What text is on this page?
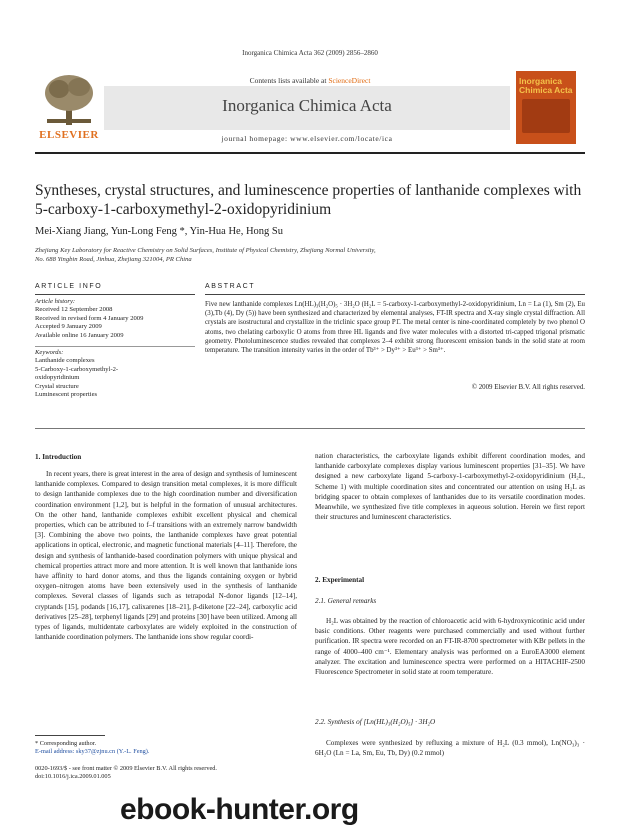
Inorganica Chimica Acta 362 (2009) 2856–2860
ELSEVIER
Contents lists available at ScienceDirect
Inorganica Chimica Acta
journal homepage: www.elsevier.com/locate/ica
Inorganica Chimica Acta
Syntheses, crystal structures, and luminescence properties of lanthanide complexes with 5-carboxy-1-carboxymethyl-2-oxidopyridinium
Mei-Xiang Jiang, Yun-Long Feng *, Yin-Hua He, Hong Su
Zhejiang Key Laboratory for Reactive Chemistry on Solid Surfaces, Institute of Physical Chemistry, Zhejiang Normal University,
No. 688 Yingbin Road, Jinhua, Zhejiang 321004, PR China
ARTICLE INFO
Article history:
Received 12 September 2008
Received in revised form 4 January 2009
Accepted 9 January 2009
Available online 16 January 2009
Keywords:
Lanthanide complexes
5-Carboxy-1-carboxymethyl-2-
oxidopyridinium
Crystal structure
Luminescent properties
ABSTRACT
Five new lanthanide complexes Ln(HL)₃(H₂O)₅ · 3H₂O (H₂L = 5-carboxy-1-carboxymethyl-2-oxidopyridinium, Ln = La (1), Sm (2), Eu (3),Tb (4), Dy (5)) have been synthesized and characterized by elemental analyses, FT-IR spectra and X-ray single crystal diffraction. All crystals are isostructural and crystallize in the triclinic space group P1̄. The metal center is nine-coordinated completely by two phenol O atoms, two chelating carboxylic O atoms from three HL ligands and five water molecules with a distorted tri-capped trigonal prismatic geometry. Photoluminescence studies revealed that complexes 2–4 exhibit strong fluorescent emission bands in the solid state at room temperature. The transition intensity varies in the order of Tb³⁺ > Dy³⁺ > Eu³⁺ > Sm³⁺.
© 2009 Elsevier B.V. All rights reserved.
1. Introduction

In recent years, there is great interest in the area of design and synthesis of luminescent lanthanide complexes. Compared to design transition metal complexes, it is more difficult to design lanthanide complexes due to the high coordination number and diversification coordination environment [1,2], but is helpful in the formation of unusual architectures. On the other hand, lanthanide complexes exhibit excellent physical and chemical properties, which can be attributed to f–f transitions with an extremely narrow bandwidth [3]. Combining the above two points, the lanthanide complexes have great potential applications in optical, electronic, and magnetic functional materials [4–11]. Therefore, the design and synthesis of lanthanide-based coordination polymers with unique physical and chemical properties attract more and more attention. It is well known that lanthanide ions have affinity to hard donor atoms, and thus the ligands containing oxygen or hybrid oxygen–nitrogen atoms have been extensively used in the synthesis of lanthanide complexes. Several classes of ligands such as tetrapodal N-donor ligands [12–14], cryptands [15], podands [16,17], calixarenes [18–21], β-diketone [22–24], carboxylic acid derivatives [25–28], terphenyl ligands [29] and proteins [30] have been utilized. Among all types of ligands, multidentate carboxylates are widely exploited in the construction of lanthanide coordination polymers. The lanthanide ions show regular coordi-

* Corresponding author.
E-mail address: sky37@zjnu.cn (Y.-L. Feng).
0020-1693/$ - see front matter © 2009 Elsevier B.V. All rights reserved.
doi:10.1016/j.ica.2009.01.005

nation characteristics, the carboxylate ligands exhibit different coordination modes, and lanthanide carboxylate complexes display various luminescent properties [31–35]. We have designed a new carboxylate ligand 5-carboxy-1-carboxymethyl-2-oxidopyridinium (H₂L, Scheme 1) with multiple coordination sites and concentrated our attention on using H₂L as bridging spacer to obtain complexes of lanthanides due to its versatile coordination modes. Meanwhile, we synthesized five title complexes in aqueous solution. Herein we first report their structures and luminescent characteristics.

2. Experimental
2.1. General remarks

H₂L was obtained by the reaction of chloroacetic acid with 6-hydroxynicotinic acid under basic conditions. Other reagents were purchased commercially and used without further purification. IR spectra were recorded on an FT-IR-8700 spectrometer with KBr pellets in the range of 4000–400 cm⁻¹. Elementary analysis was performed on a EuroEA3000 element analyzer. The excitation and luminescence spectra were performed on a HITACHIF-2500 Fluorescence Spectrometer in solid state at room temperature.

2.2. Synthesis of [Ln(HL)₃(H₂O)₅] · 3H₂O

Complexes were synthesized by refluxing a mixture of H₂L (0.3 mmol), Ln(NO₃)₃ · 6H₂O (Ln = La, Sm, Eu, Tb, Dy) (0.2 mmol)

ebook-hunter.org
